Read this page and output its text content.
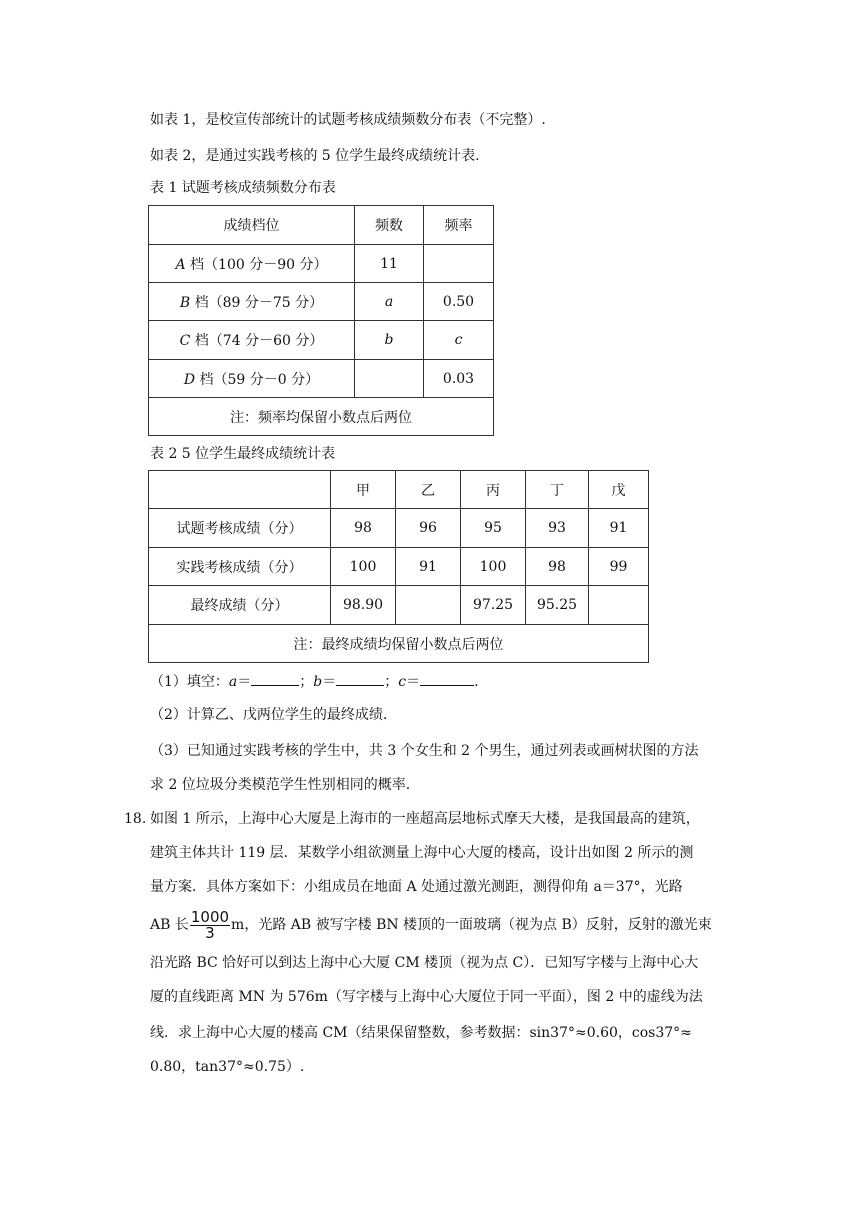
如表 1，是校宣传部统计的试题考核成绩频数分布表（不完整）.
如表 2，是通过实践考核的 5 位学生最终成绩统计表.
表 1 试题考核成绩频数分布表
成绩档位	频数	频率
A 档（100 分－90 分）	11	
B 档（89 分－75 分）	a	0.50
C 档（74 分－60 分）	b	c
D 档（59 分－0 分）		0.03
注：频率均保留小数点后两位		
表 2 5 位学生最终成绩统计表
	甲	乙	丙	丁	戊
试题考核成绩（分）	98	96	95	93	91
实践考核成绩（分）	100	91	100	98	99
最终成绩（分）	98.90		97.25	95.25	
注：最终成绩均保留小数点后两位					
（1）填空：a＝	；b＝	；c＝	.
（2）计算乙、戊两位学生的最终成绩.
（3）已知通过实践考核的学生中，共 3 个女生和 2 个男生，通过列表或画树状图的方法
求 2 位垃圾分类模范学生性别相同的概率.
18. 如图 1 所示，上海中心大厦是上海市的一座超高层地标式摩天大楼，是我国最高的建筑，
建筑主体共计 119 层．某数学小组欲测量上海中心大厦的楼高，设计出如图 2 所示的测
量方案．具体方案如下：小组成员在地面 A 处通过激光测距，测得仰角 a＝37°，光路
AB 长 $\frac{1000}{3}$ m，光路 AB 被写字楼 BN 楼顶的一面玻璃（视为点 B）反射，反射的激光束
沿光路 BC 恰好可以到达上海中心大厦 CM 楼顶（视为点 C）．已知写字楼与上海中心大
厦的直线距离 MN 为 576m（写字楼与上海中心大厦位于同一平面），图 2 中的虚线为法
线．求上海中心大厦的楼高 CM（结果保留整数，参考数据：sin37°≈0.60，cos37°≈
0.80，tan37°≈0.75）.
